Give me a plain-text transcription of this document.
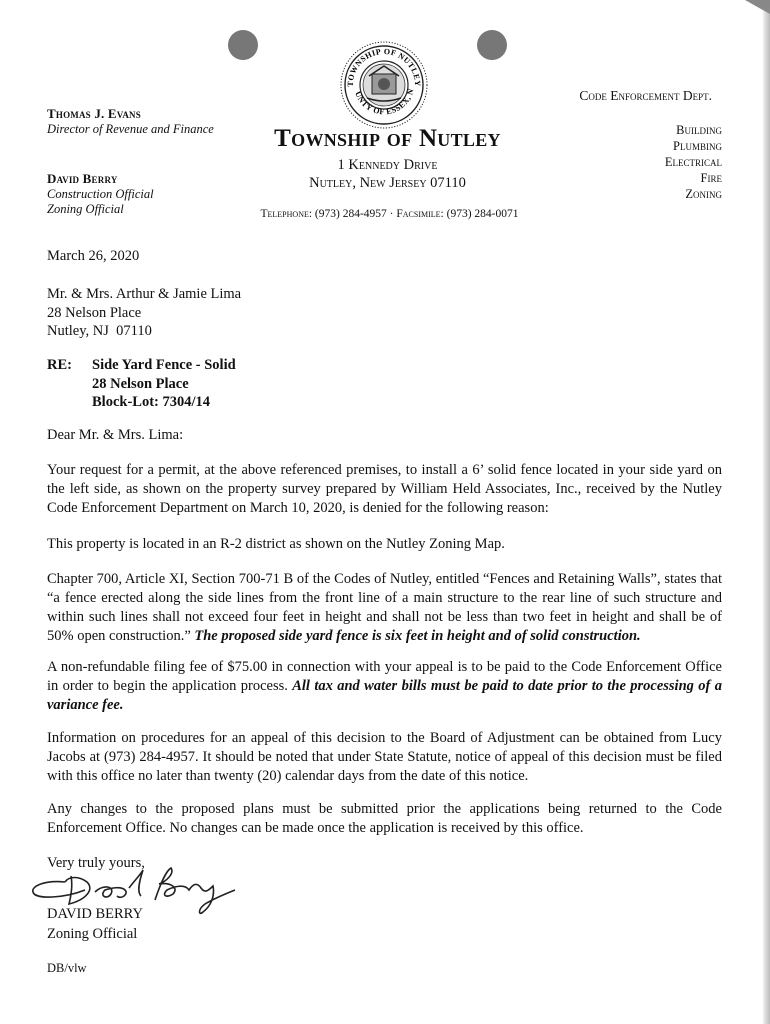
TOWNSHIP OF NUTLEY
UNTY OF ESSEX, N
Thomas J. Evans
Director of Revenue and Finance
David Berry
Construction Official
Zoning Official
Township of Nutley
1 Kennedy Drive
Nutley, New Jersey 07110
Telephone: (973) 284-4957 · Facsimile: (973) 284-0071
Code Enforcement Dept.
Building
Plumbing
Electrical
Fire
Zoning
March 26, 2020
Mr. & Mrs. Arthur & Jamie Lima
28 Nelson Place
Nutley, NJ  07110
RE: Side Yard Fence - Solid
28 Nelson Place
Block-Lot: 7304/14
Dear Mr. & Mrs. Lima:

Your request for a permit, at the above referenced premises, to install a 6’ solid fence located in your side yard on the left side, as shown on the property survey prepared by William Held Associates, Inc., received by the Nutley Code Enforcement Department on March 10, 2020, is denied for the following reason:

This property is located in an R-2 district as shown on the Nutley Zoning Map.

Chapter 700, Article XI, Section 700-71 B of the Codes of Nutley, entitled “Fences and Retaining Walls”, states that “a fence erected along the side lines from the front line of a main structure to the rear line of such structure and within such lines shall not exceed four feet in height and shall not be less than two feet in height and shall be of 50% open construction.” The proposed side yard fence is six feet in height and of solid construction.

A non-refundable filing fee of $75.00 in connection with your appeal is to be paid to the Code Enforcement Office in order to begin the application process. All tax and water bills must be paid to date prior to the processing of a variance fee.

Information on procedures for an appeal of this decision to the Board of Adjustment can be obtained from Lucy Jacobs at (973) 284-4957. It should be noted that under State Statute, notice of appeal of this decision must be filed with this office no later than twenty (20) calendar days from the date of this notice.

Any changes to the proposed plans must be submitted prior the applications being returned to the Code Enforcement Office. No changes can be made once the application is received by this office.

Very truly yours,
DAVID BERRY
Zoning Official
DB/vlw
